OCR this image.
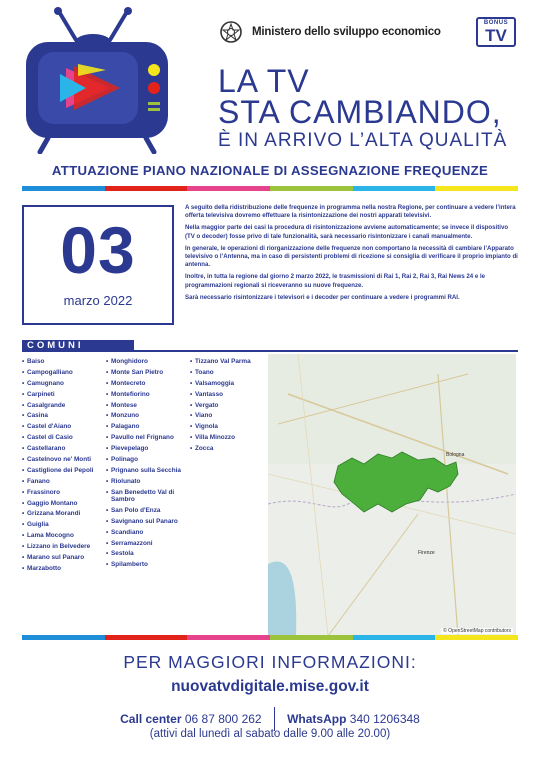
Ministero dello sviluppo economico
BONUS
TV
LA TV
STA CAMBIANDO,
È IN ARRIVO L’ALTA QUALITÀ
ATTUAZIONE PIANO NAZIONALE DI ASSEGNAZIONE FREQUENZE
03
marzo 2022

A seguito della ridistribuzione delle frequenze in programma nella nostra Regione, per continuare a vedere l’intera offerta televisiva dovremo effettuare la risintonizzazione dei nostri apparati televisivi.

Nella maggior parte dei casi la procedura di risintonizzazione avviene automaticamente; se invece il dispositivo (TV o decoder) fosse privo di tale funzionalità, sarà necessario risintonizzare i canali manualmente.

In generale, le operazioni di riorganizzazione delle frequenze non comportano la necessità di cambiare l’Apparato televisivo o l’Antenna, ma in caso di persistenti problemi di ricezione si consiglia di verificare il proprio impianto di antenna.

Inoltre, in tutta la regione dal giorno 2 marzo 2022, le trasmissioni di Rai 1, Rai 2, Rai 3, Rai News 24 e le programmazioni regionali si riceveranno su nuove frequenze.

Sarà necessario risintonizzare i televisori e i decoder per continuare a vedere i programmi RAI.

COMUNI
• Baiso
• Campogalliano
• Camugnano
• Carpineti
• Casalgrande
• Casina
• Castel d'Aiano
• Castel di Casio
• Castellarano
• Castelnovo ne' Monti
• Castiglione dei Pepoli
• Fanano
• Frassinoro
• Gaggio Montano
• Grizzana Morandi
• Guiglia
• Lama Mocogno
• Lizzano in Belvedere
• Marano sul Panaro
• Marzabotto
• Monghidoro
• Monte San Pietro
• Montecreto
• Montefiorino
• Montese
• Monzuno
• Palagano
• Pavullo nel Frignano
• Pievepelago
• Polinago
• Prignano sulla Secchia
• Riolunato
• San Benedetto Val di Sambro
• San Polo d'Enza
• Savignano sul Panaro
• Scandiano
• Serramazzoni
• Sestola
• Spilamberto
• Tizzano Val Parma
• Toano
• Valsamoggia
• Vantasso
• Vergato
• Viano
• Vignola
• Villa Minozzo
• Zocca
Bologna
Firenze
© OpenStreetMap contributors
PER MAGGIORI INFORMAZIONI:
nuovatvdigitale.mise.gov.it
Call center 06 87 800 262 WhatsApp 340 1206348
(attivi dal lunedì al sabato dalle 9.00 alle 20.00)
